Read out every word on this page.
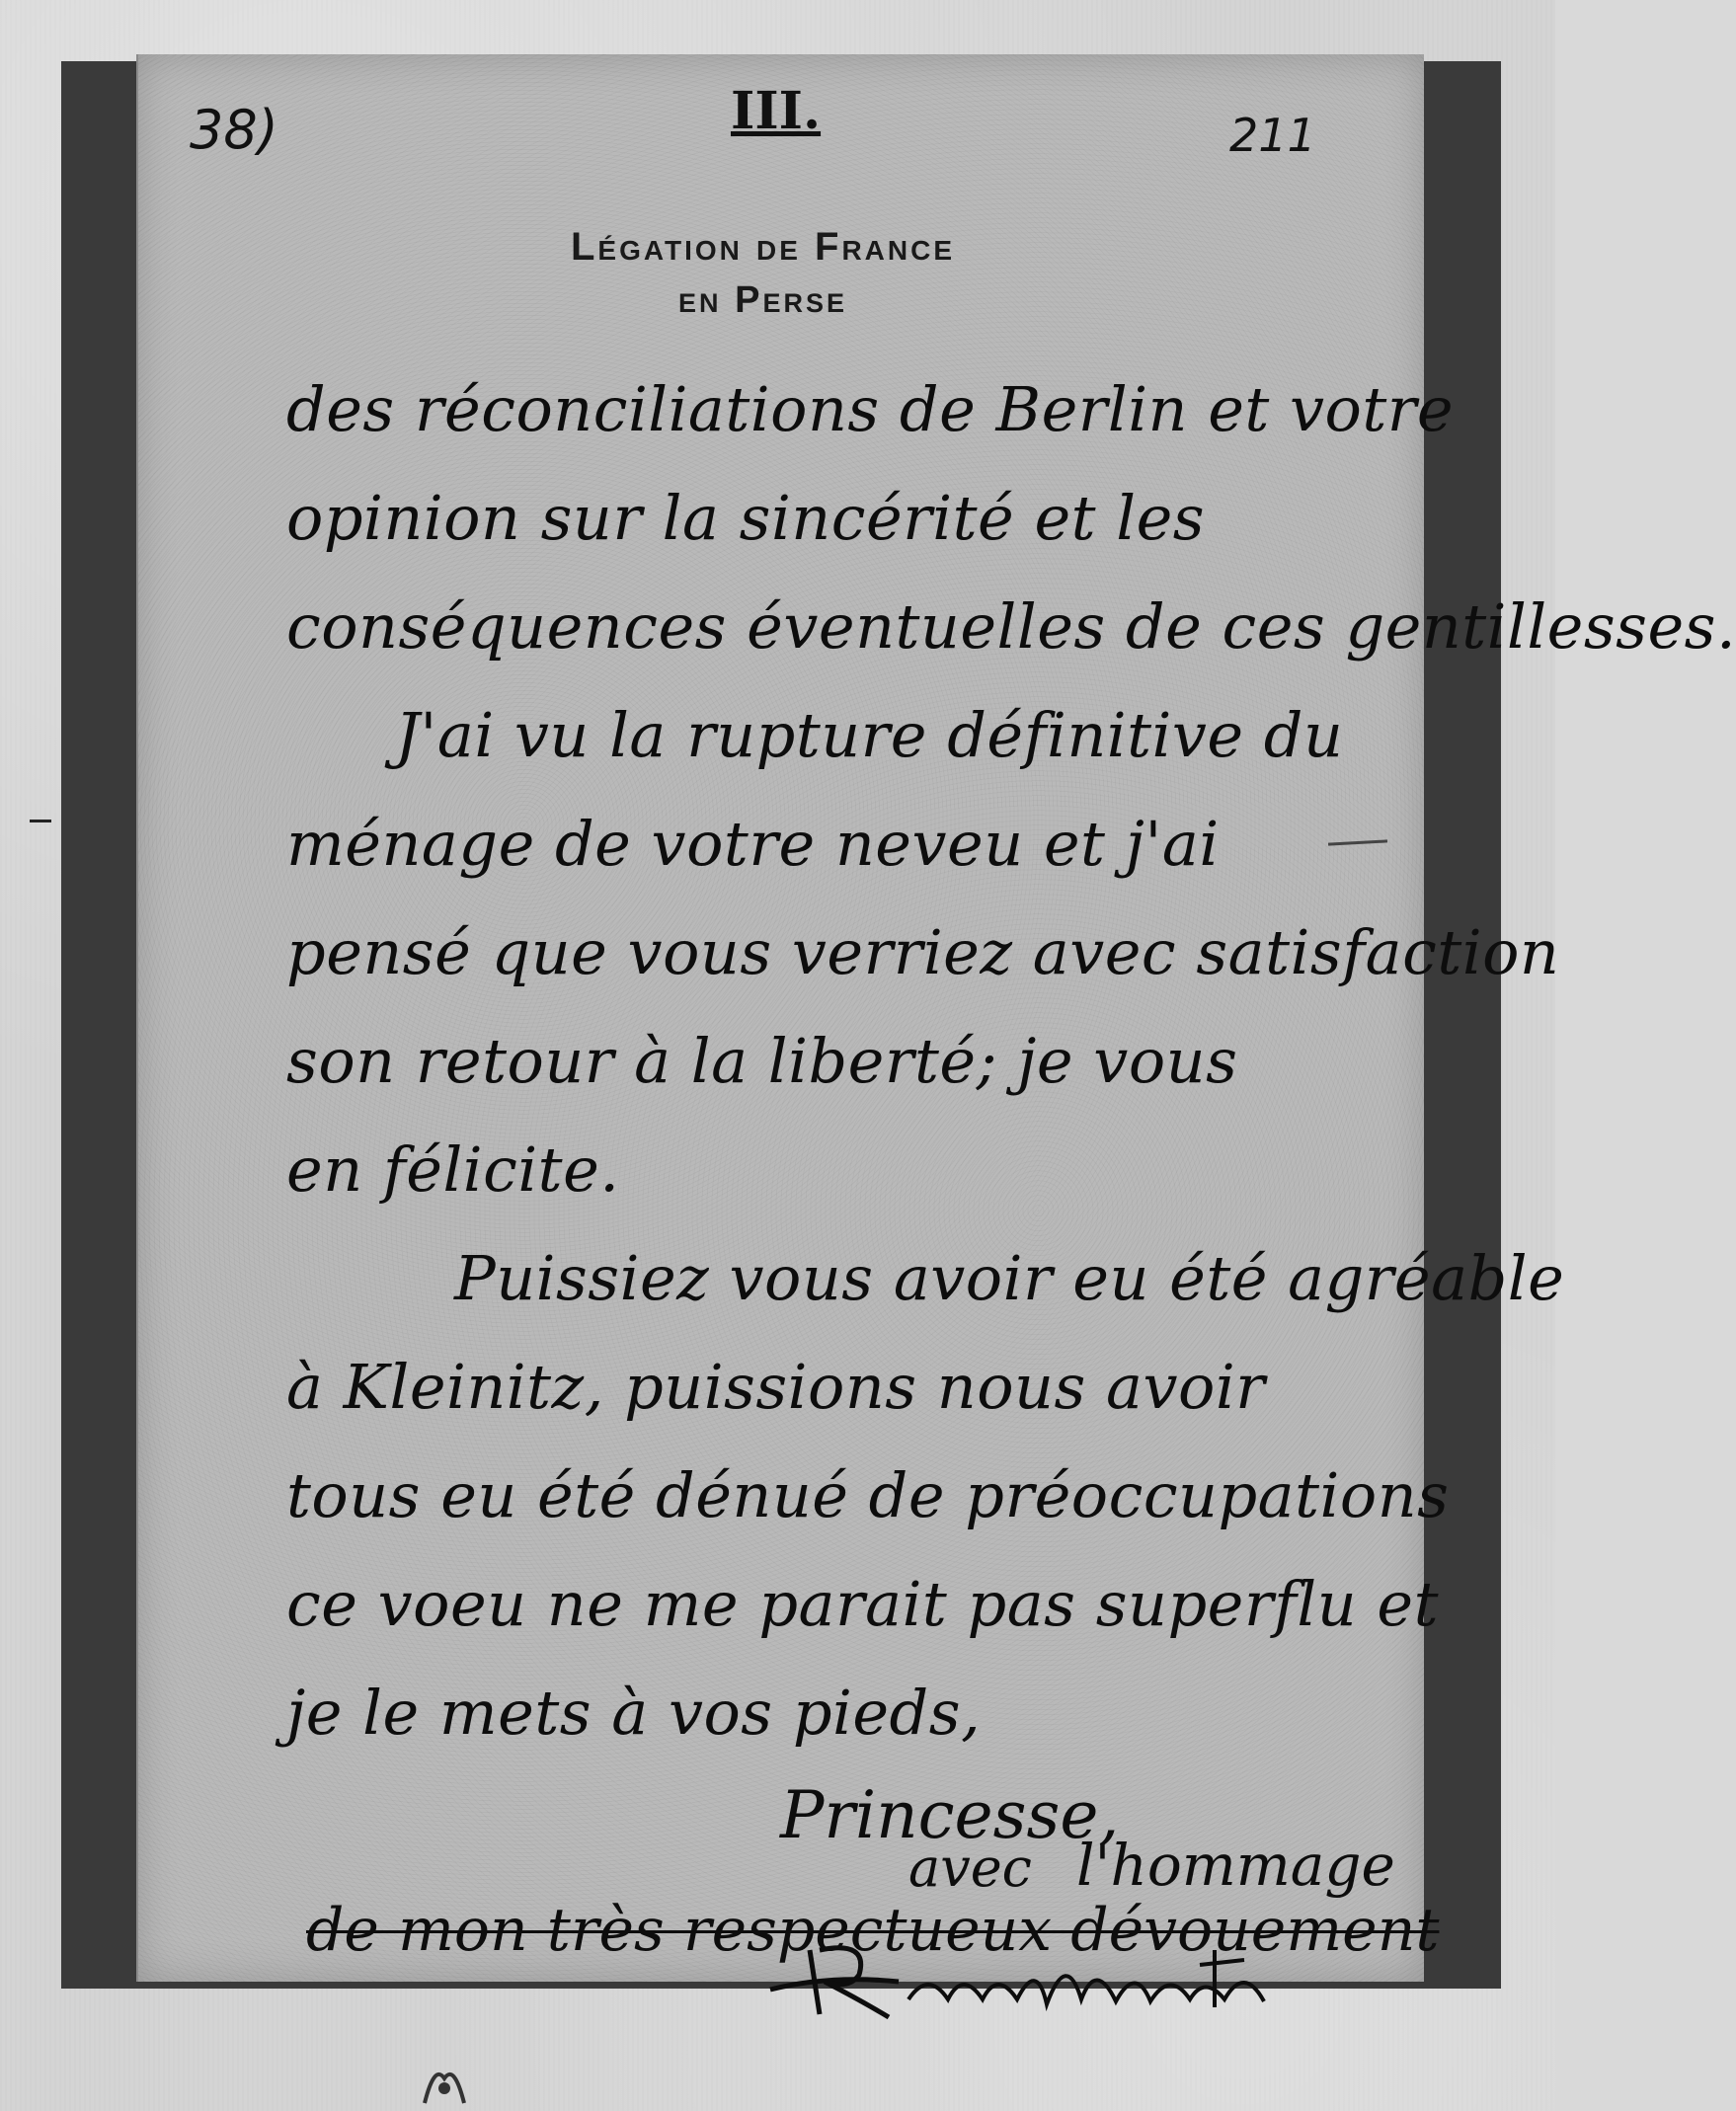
38)	III.	211
Légation de France
en Perse
des réconciliations de Berlin et votre
opinion sur la sincérité et les
conséquences éventuelles de ces gentillesses.
J'ai vu la rupture définitive du
ménage de votre neveu et j'ai
pensé que vous verriez avec satisfaction
son retour à la liberté; je vous
en félicite.
Puissiez vous avoir eu été agréable
à Kleinitz, puissions nous avoir
tous eu été dénué de préoccupations
ce voeu ne me parait pas superflu et
je le mets à vos pieds,
Princesse,
avec l'hommage
de mon très respectueux dévouement
